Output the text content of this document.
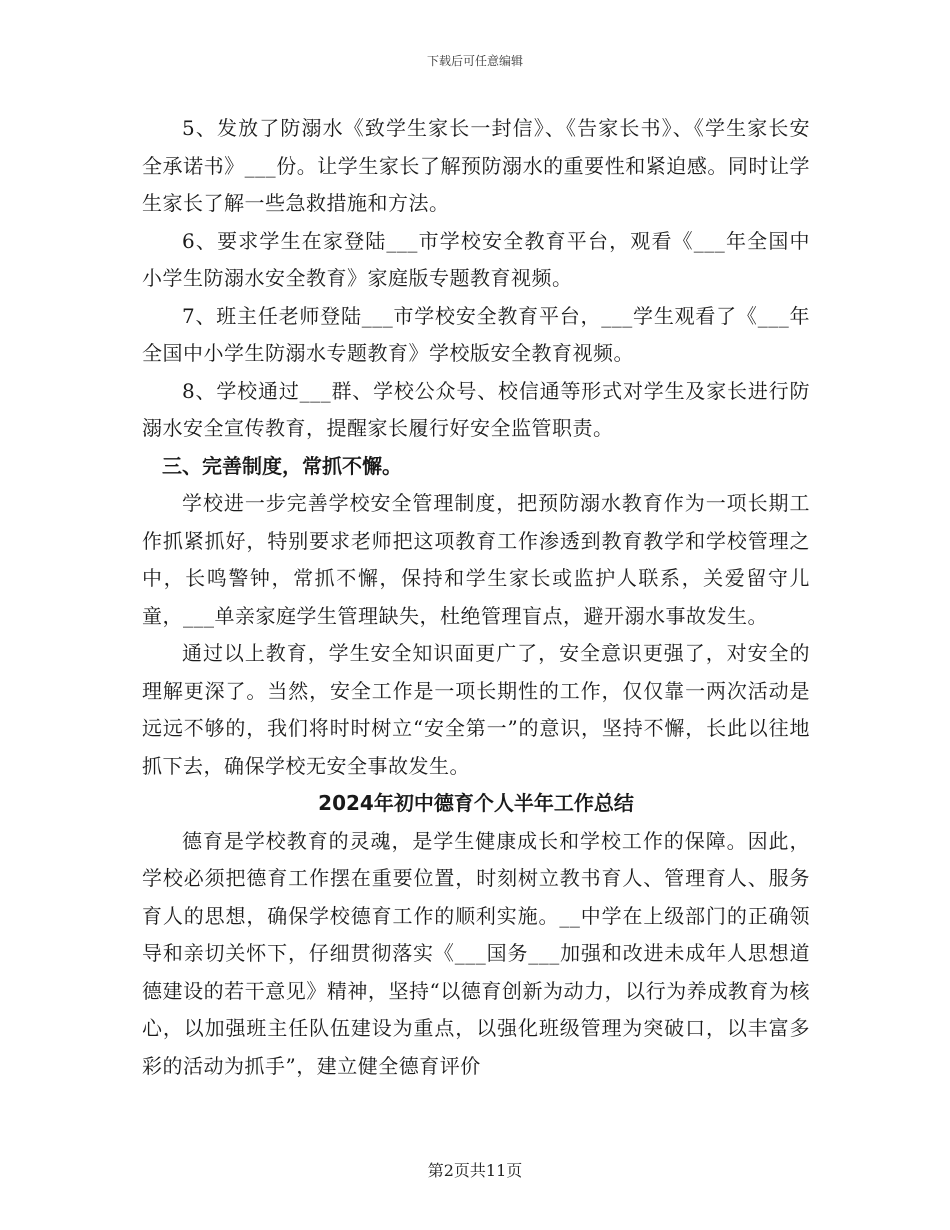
下载后可任意编辑

5、发放了防溺水《致学生家长一封信》、《告家长书》、《学生家长安全承诺书》___份。让学生家长了解预防溺水的重要性和紧迫感。同时让学生家长了解一些急救措施和方法。

6、要求学生在家登陆___市学校安全教育平台，观看《___年全国中小学生防溺水安全教育》家庭版专题教育视频。

7、班主任老师登陆___市学校安全教育平台，___学生观看了《___年全国中小学生防溺水专题教育》学校版安全教育视频。

8、学校通过___群、学校公众号、校信通等形式对学生及家长进行防溺水安全宣传教育，提醒家长履行好安全监管职责。

三、完善制度，常抓不懈。

学校进一步完善学校安全管理制度，把预防溺水教育作为一项长期工作抓紧抓好，特别要求老师把这项教育工作渗透到教育教学和学校管理之中，长鸣警钟，常抓不懈，保持和学生家长或监护人联系，关爱留守儿童，___单亲家庭学生管理缺失，杜绝管理盲点，避开溺水事故发生。

通过以上教育，学生安全知识面更广了，安全意识更强了，对安全的理解更深了。当然，安全工作是一项长期性的工作，仅仅靠一两次活动是远远不够的，我们将时时树立“安全第一”的意识，坚持不懈，长此以往地抓下去，确保学校无安全事故发生。

2024年初中德育个人半年工作总结

德育是学校教育的灵魂，是学生健康成长和学校工作的保障。因此，学校必须把德育工作摆在重要位置，时刻树立教书育人、管理育人、服务育人的思想，确保学校德育工作的顺利实施。__中学在上级部门的正确领导和亲切关怀下，仔细贯彻落实《___国务___加强和改进未成年人思想道德建设的若干意见》精神，坚持“以德育创新为动力，以行为养成教育为核心，以加强班主任队伍建设为重点，以强化班级管理为突破口，以丰富多彩的活动为抓手”，建立健全德育评价

第2页共11页
